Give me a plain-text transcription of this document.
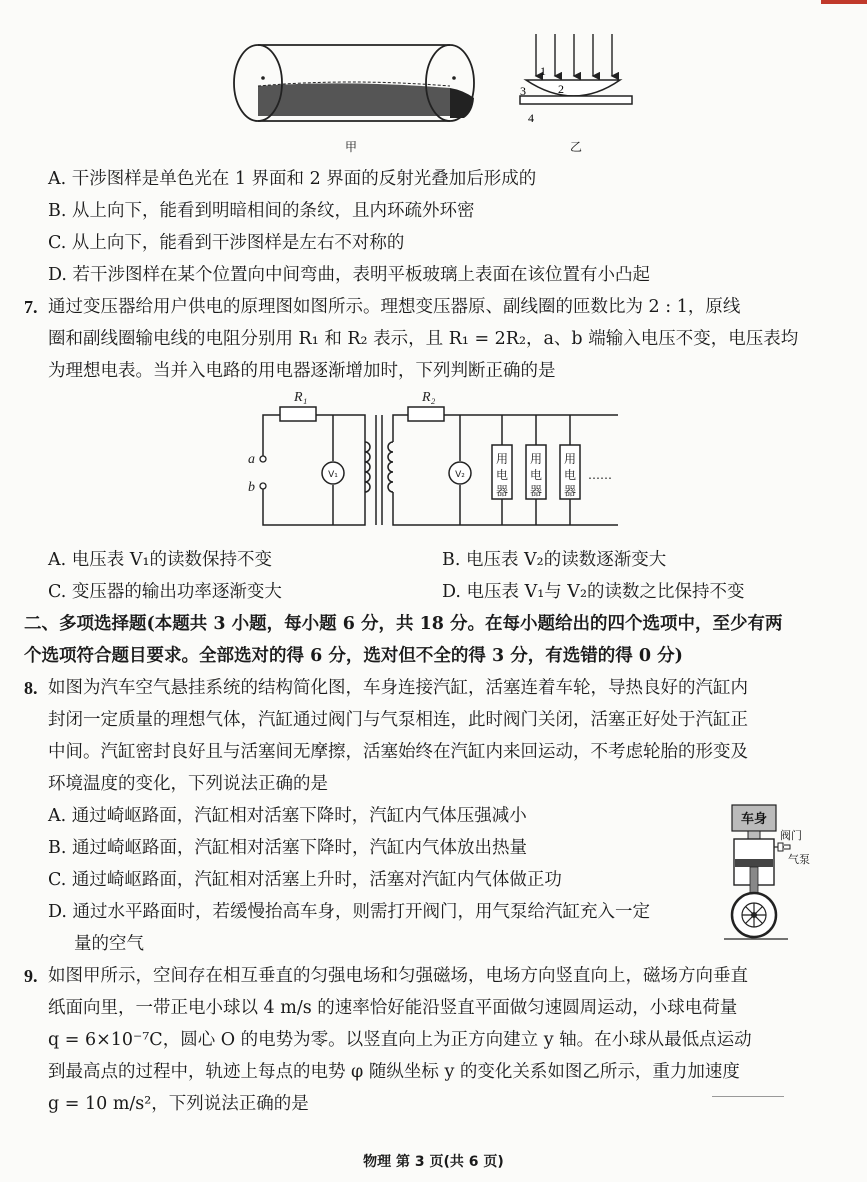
1
2
3
4
甲	乙
A. 干涉图样是单色光在 1 界面和 2 界面的反射光叠加后形成的
B. 从上向下，能看到明暗相间的条纹，且内环疏外环密
C. 从上向下，能看到干涉图样是左右不对称的
D. 若干涉图样在某个位置向中间弯曲，表明平板玻璃上表面在该位置有小凸起
7. 通过变压器给用户供电的原理图如图所示。理想变压器原、副线圈的匝数比为 2 : 1，原线
圈和副线圈输电线的电阻分别用 R₁ 和 R₂ 表示，且 R₁ = 2R₂，a、b 端输入电压不变，电压表均
为理想电表。当并入电路的用电器逐渐增加时，下列判断正确的是
R₁	R₂
a
b
V₁	V₂
用
电
器
用
电
器
用
电
器
……
A. 电压表 V₁的读数保持不变	B. 电压表 V₂的读数逐渐变大
C. 变压器的输出功率逐渐变大	D. 电压表 V₁与 V₂的读数之比保持不变
二、多项选择题(本题共 3 小题，每小题 6 分，共 18 分。在每小题给出的四个选项中，至少有两
个选项符合题目要求。全部选对的得 6 分，选对但不全的得 3 分，有选错的得 0 分)
8. 如图为汽车空气悬挂系统的结构简化图，车身连接汽缸，活塞连着车轮，导热良好的汽缸内
封闭一定质量的理想气体，汽缸通过阀门与气泵相连，此时阀门关闭，活塞正好处于汽缸正
中间。汽缸密封良好且与活塞间无摩擦，活塞始终在汽缸内来回运动，不考虑轮胎的形变及
环境温度的变化，下列说法正确的是
A. 通过崎岖路面，汽缸相对活塞下降时，汽缸内气体压强减小
B. 通过崎岖路面，汽缸相对活塞下降时，汽缸内气体放出热量
C. 通过崎岖路面，汽缸相对活塞上升时，活塞对汽缸内气体做正功
D. 通过水平路面时，若缓慢抬高车身，则需打开阀门，用气泵给汽缸充入一定
量的空气
车身
阀门
气泵
9. 如图甲所示，空间存在相互垂直的匀强电场和匀强磁场，电场方向竖直向上，磁场方向垂直
纸面向里，一带正电小球以 4 m/s 的速率恰好能沿竖直平面做匀速圆周运动，小球电荷量
q = 6×10⁻⁷C，圆心 O 的电势为零。以竖直向上为正方向建立 y 轴。在小球从最低点运动
到最高点的过程中，轨迹上每点的电势 φ 随纵坐标 y 的变化关系如图乙所示，重力加速度
g = 10 m/s²，下列说法正确的是
物理 第 3 页(共 6 页)
